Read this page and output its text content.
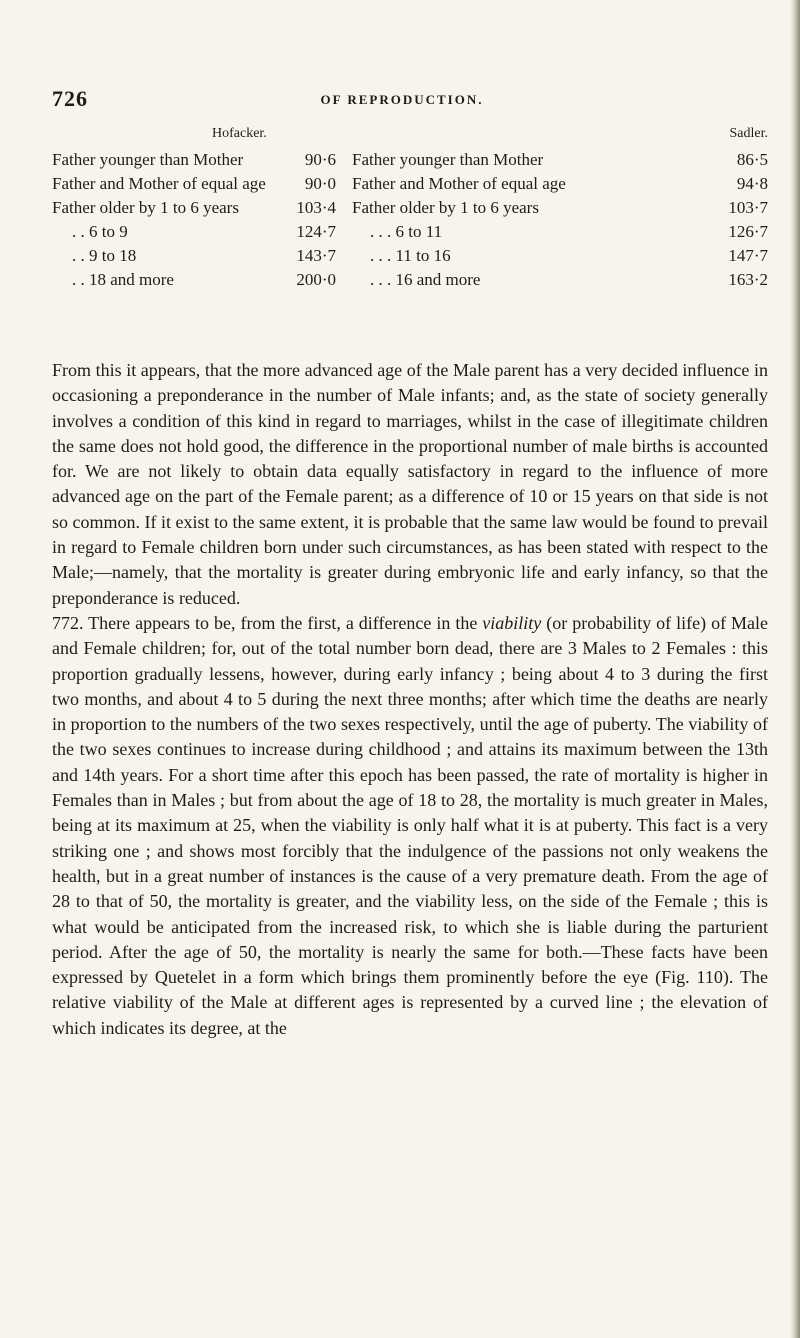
726	OF REPRODUCTION.
Hofacker.	Sadler.
Father younger than Mother	90·6 Father younger than Mother	86·5
Father and Mother of equal age	90·0 Father and Mother of equal age	94·8
Father older by 1 to 6 years	103·4 Father older by 1 to 6 years	103·7
. . 6 to 9	124·7 . . . 6 to 11	126·7
. . 9 to 18	143·7 . . . 11 to 16	147·7
. . 18 and more	200·0 . . . 16 and more	163·2

From this it appears, that the more advanced age of the Male parent has a very decided influence in occasioning a preponderance in the number of Male infants; and, as the state of society generally involves a condition of this kind in regard to marriages, whilst in the case of illegitimate children the same does not hold good, the difference in the proportional number of male births is accounted for. We are not likely to obtain data equally satisfactory in regard to the influence of more advanced age on the part of the Female parent; as a difference of 10 or 15 years on that side is not so common. If it exist to the same extent, it is probable that the same law would be found to prevail in regard to Female children born under such circumstances, as has been stated with respect to the Male;—namely, that the mortality is greater during embryonic life and early infancy, so that the preponderance is reduced.

772. There appears to be, from the first, a difference in the viability (or probability of life) of Male and Female children; for, out of the total number born dead, there are 3 Males to 2 Females : this proportion gradually lessens, however, during early infancy ; being about 4 to 3 during the first two months, and about 4 to 5 during the next three months; after which time the deaths are nearly in proportion to the numbers of the two sexes respectively, until the age of puberty. The viability of the two sexes continues to increase during childhood ; and attains its maximum between the 13th and 14th years. For a short time after this epoch has been passed, the rate of mortality is higher in Females than in Males ; but from about the age of 18 to 28, the mortality is much greater in Males, being at its maximum at 25, when the viability is only half what it is at puberty. This fact is a very striking one ; and shows most forcibly that the indulgence of the passions not only weakens the health, but in a great number of instances is the cause of a very premature death. From the age of 28 to that of 50, the mortality is greater, and the viability less, on the side of the Female ; this is what would be anticipated from the increased risk, to which she is liable during the parturient period. After the age of 50, the mortality is nearly the same for both.—These facts have been expressed by Quetelet in a form which brings them prominently before the eye (Fig. 110). The relative viability of the Male at different ages is represented by a curved line ; the elevation of which indicates its degree, at the
